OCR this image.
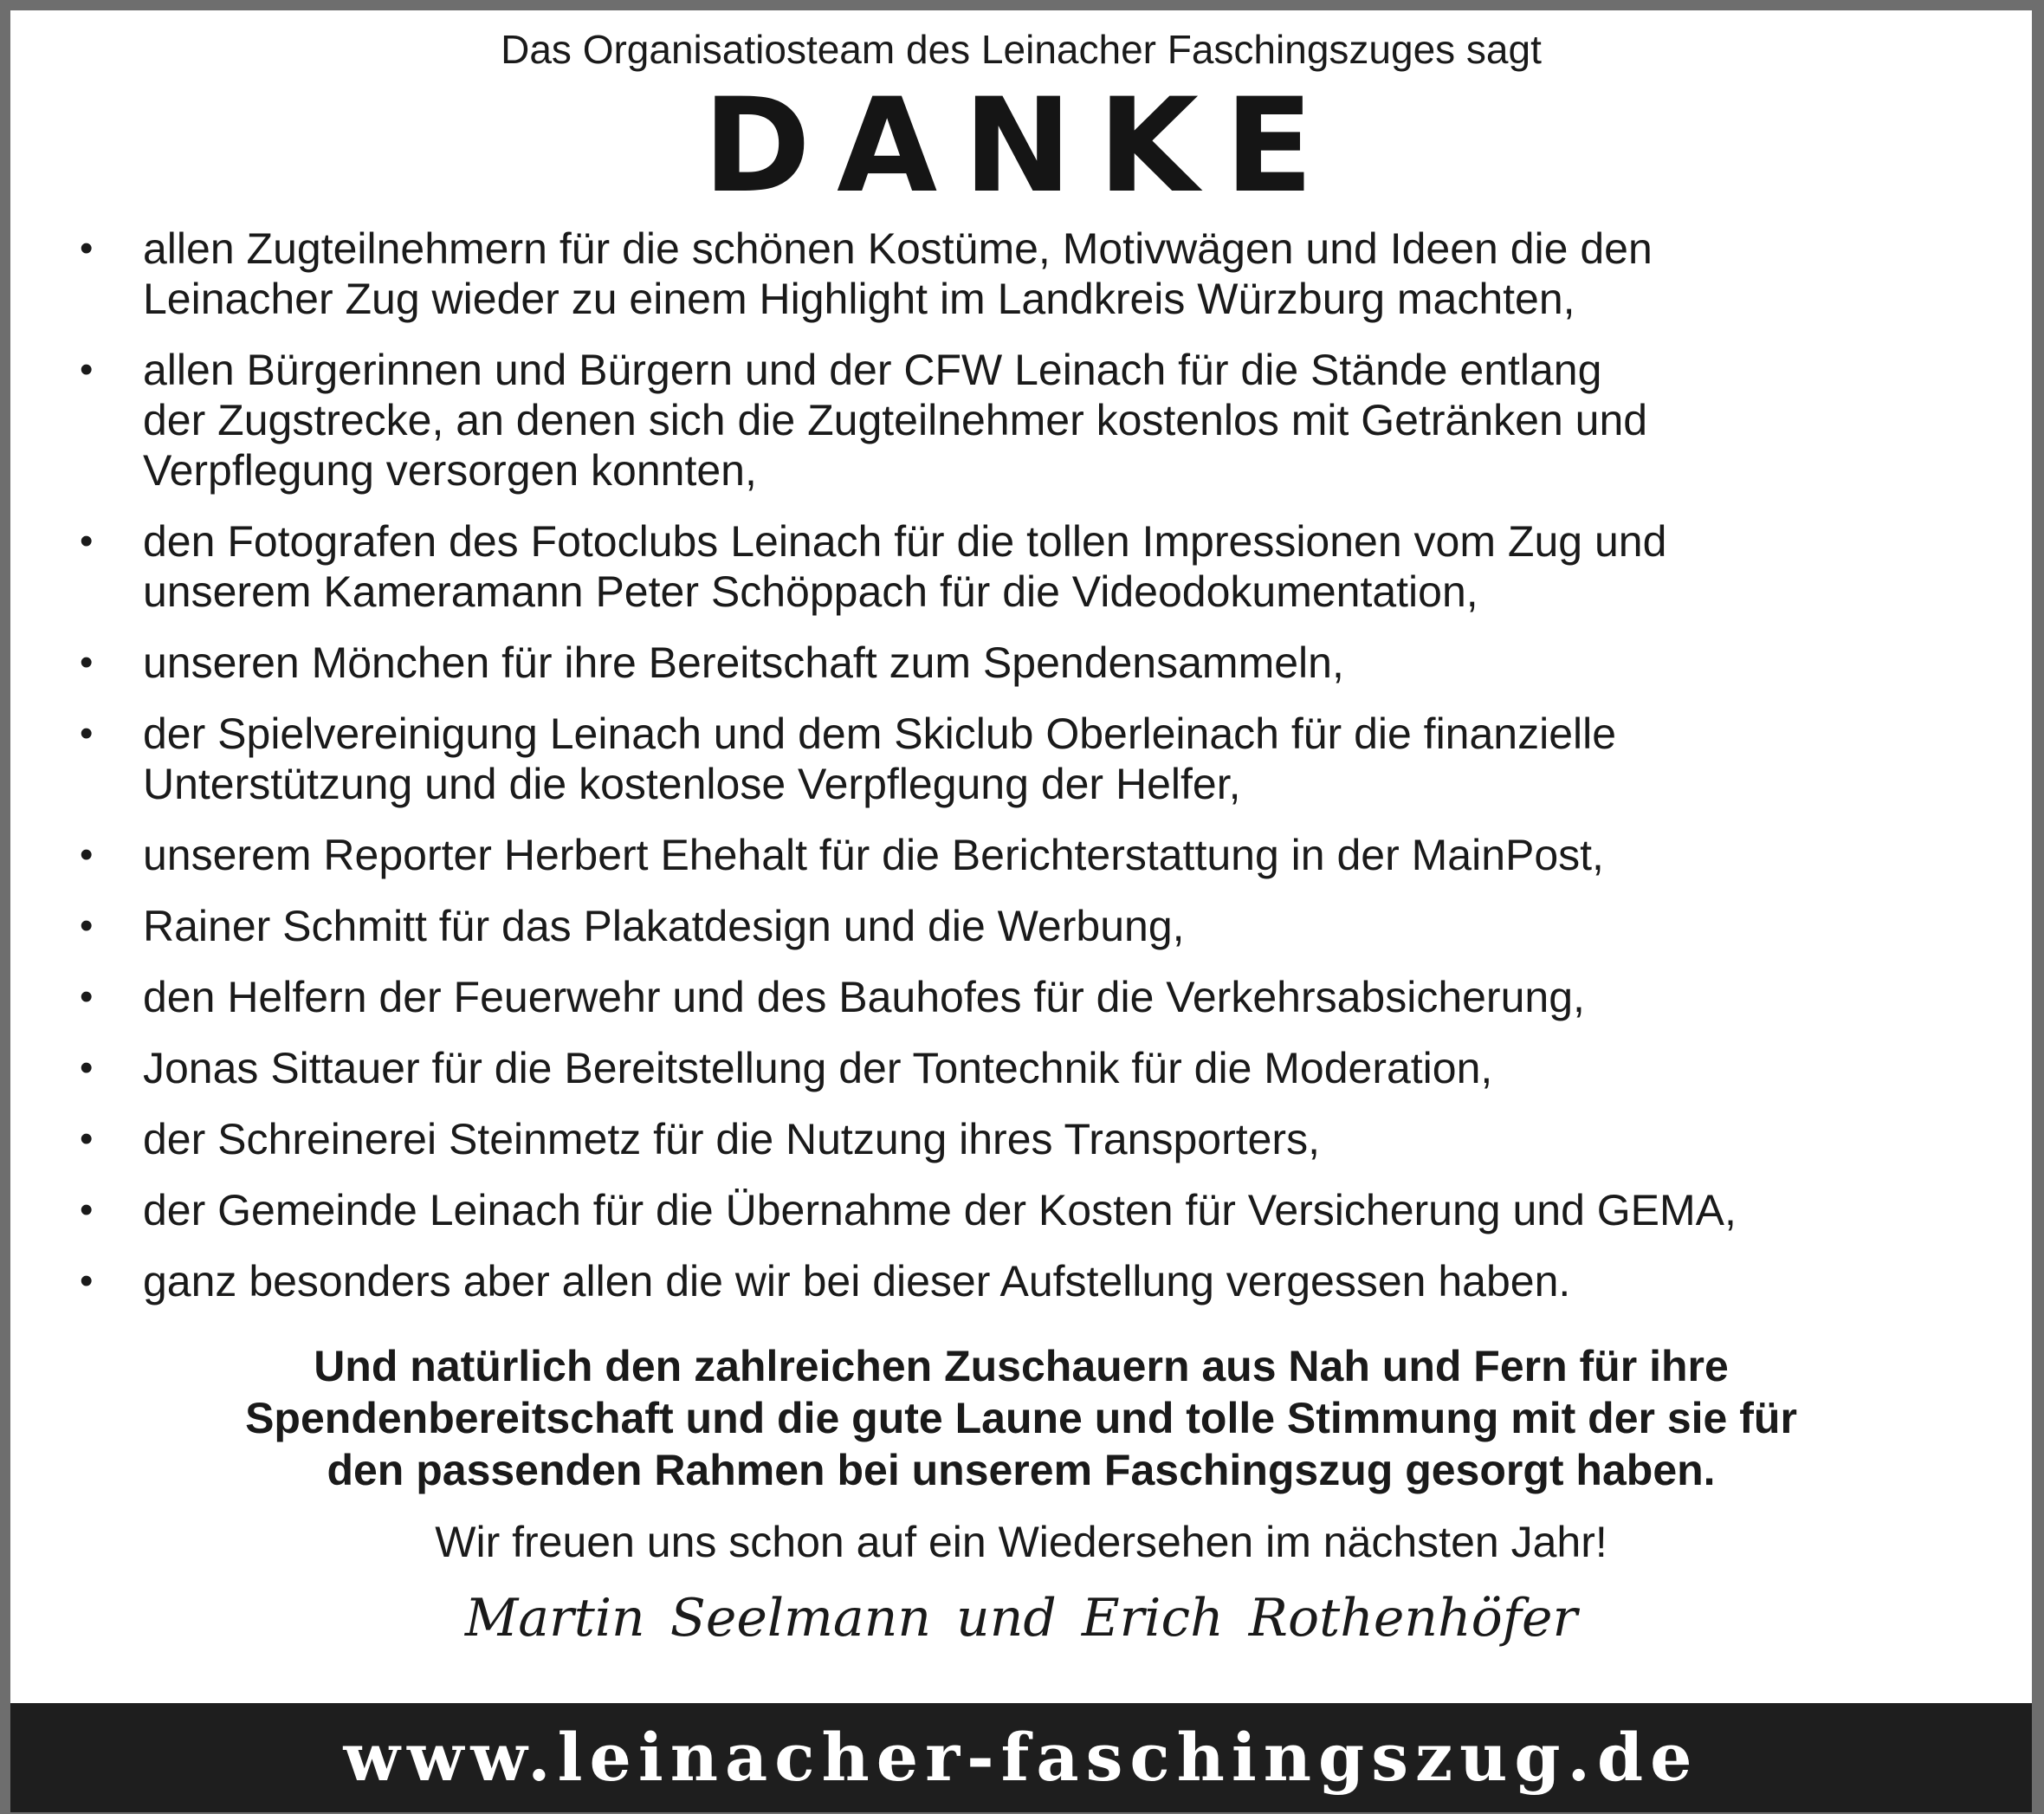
Das Organisatiosteam des Leinacher Faschingszuges sagt
DANKE
• allen Zugteilnehmern für die schönen Kostüme, Motivwägen und Ideen die den
Leinacher Zug wieder zu einem Highlight im Landkreis Würzburg machten,
• allen Bürgerinnen und Bürgern und der CFW Leinach für die Stände entlang
der Zugstrecke, an denen sich die Zugteilnehmer kostenlos mit Getränken und
Verpflegung versorgen konnten,
• den Fotografen des Fotoclubs Leinach für die tollen Impressionen vom Zug und
unserem Kameramann Peter Schöppach für die Videodokumentation,
• unseren Mönchen für ihre Bereitschaft zum Spendensammeln,
• der Spielvereinigung Leinach und dem Skiclub Oberleinach für die finanzielle
Unterstützung und die kostenlose Verpflegung der Helfer,
• unserem Reporter Herbert Ehehalt für die Berichterstattung in der MainPost,
• Rainer Schmitt für das Plakatdesign und die Werbung,
• den Helfern der Feuerwehr und des Bauhofes für die Verkehrsabsicherung,
• Jonas Sittauer für die Bereitstellung der Tontechnik für die Moderation,
• der Schreinerei Steinmetz für die Nutzung ihres Transporters,
• der Gemeinde Leinach für die Übernahme der Kosten für Versicherung und GEMA,
• ganz besonders aber allen die wir bei dieser Aufstellung vergessen haben.
Und natürlich den zahlreichen Zuschauern aus Nah und Fern für ihre
Spendenbereitschaft und die gute Laune und tolle Stimmung mit der sie für
den passenden Rahmen bei unserem Faschingszug gesorgt haben.
Wir freuen uns schon auf ein Wiedersehen im nächsten Jahr!
Martin Seelmann und Erich Rothenhöfer
www.leinacher-faschingszug.de
